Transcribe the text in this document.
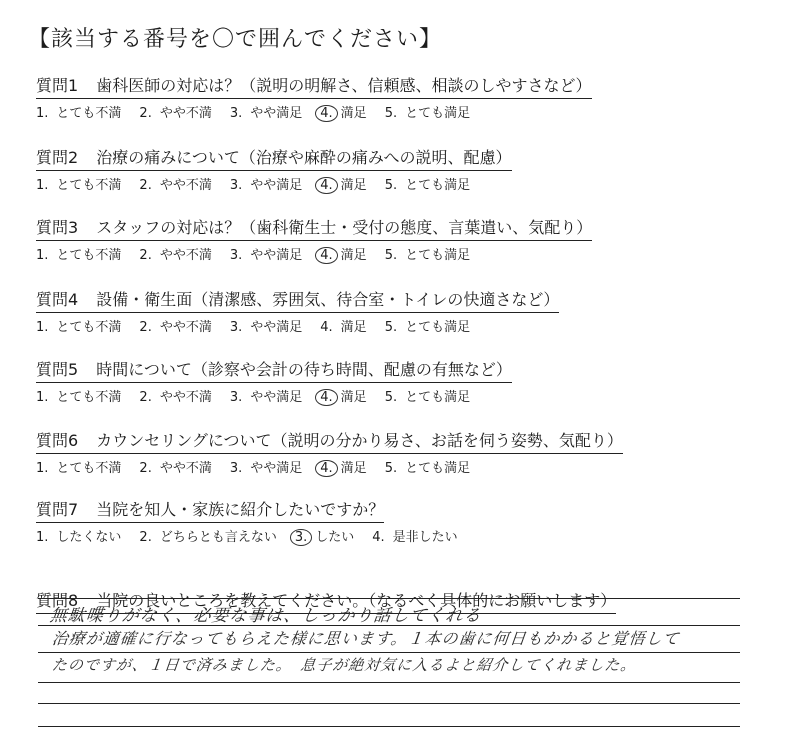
【該当する番号を〇で囲んでください】
質問1 歯科医師の対応は？（説明の明解さ、信頼感、相談のしやすさなど）
1. とても不満 2. やや不満 3. やや満足 4. 満足 5. とても満足
質問2 治療の痛みについて（治療や麻酔の痛みへの説明、配慮）
1. とても不満 2. やや不満 3. やや満足 4. 満足 5. とても満足
質問3 スタッフの対応は？（歯科衛生士・受付の態度、言葉遣い、気配り）
1. とても不満 2. やや不満 3. やや満足 4. 満足 5. とても満足
質問4 設備・衛生面（清潔感、雰囲気、待合室・トイレの快適さなど）
1. とても不満 2. やや不満 3. やや満足 4. 満足 5. とても満足
質問5 時間について（診察や会計の待ち時間、配慮の有無など）
1. とても不満 2. やや不満 3. やや満足 4. 満足 5. とても満足
質問6 カウンセリングについて（説明の分かり易さ、お話を伺う姿勢、気配り）
1. とても不満 2. やや不満 3. やや満足 4. 満足 5. とても満足
質問7 当院を知人・家族に紹介したいですか？
1. したくない 2. どちらとも言えない 3. したい 4. 是非したい
質問8 当院の良いところを教えてください。（なるべく具体的にお願いします）
無駄喋りがなく、必要な事は、しっかり話してくれる
治療が適確に行なってもらえた様に思います。１本の歯に何日もかかると覚悟して
たのですが、１日で済みました。　息子が絶対気に入るよと紹介してくれました。
